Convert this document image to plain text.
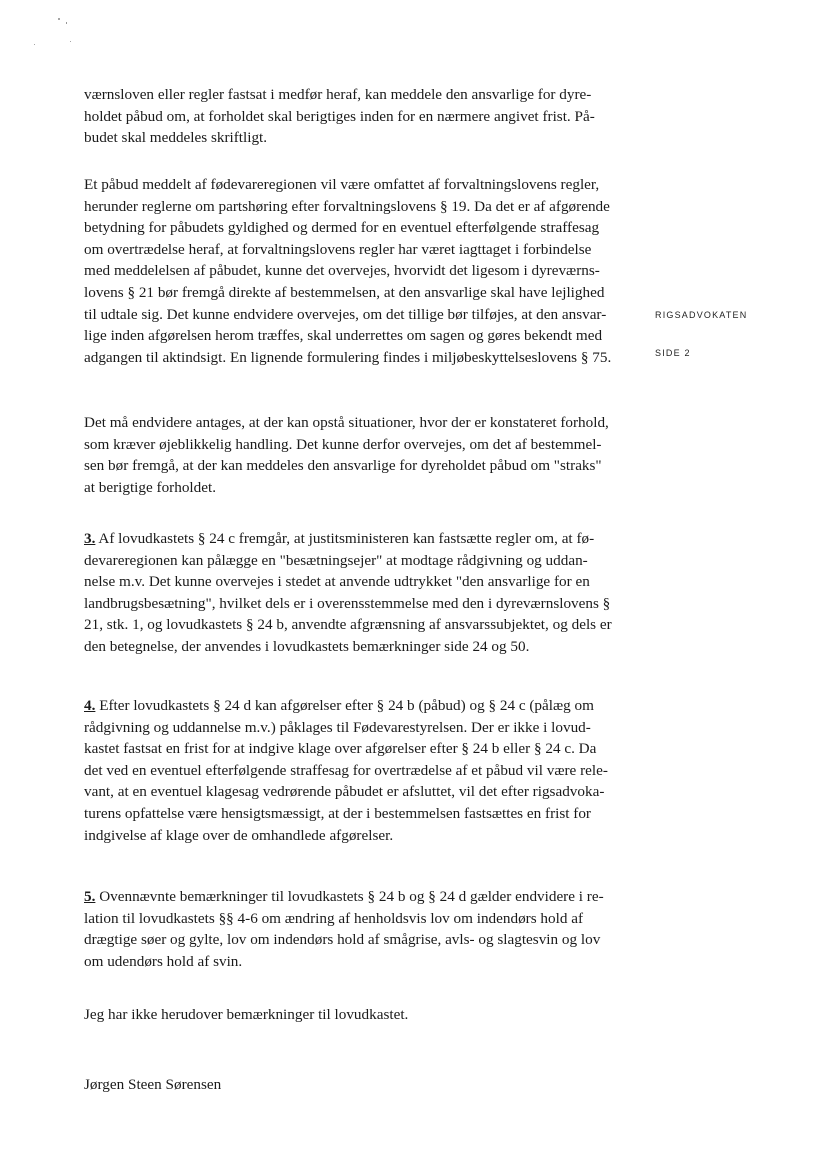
værnsloven eller regler fastsat i medfør heraf, kan meddele den ansvarlige for dyre-
holdet påbud om, at forholdet skal berigtiges inden for en nærmere angivet frist. På-
budet skal meddeles skriftligt.

Et påbud meddelt af fødevareregionen vil være omfattet af forvaltningslovens regler,
herunder reglerne om partshøring efter forvaltningslovens § 19. Da det er af afgørende
betydning for påbudets gyldighed og dermed for en eventuel efterfølgende straffesag
om overtrædelse heraf, at forvaltningslovens regler har været iagttaget i forbindelse
med meddelelsen af påbudet, kunne det overvejes, hvorvidt det ligesom i dyreværns-
lovens § 21 bør fremgå direkte af bestemmelsen, at den ansvarlige skal have lejlighed
til udtale sig. Det kunne endvidere overvejes, om det tillige bør tilføjes, at den ansvar-
lige inden afgørelsen herom træffes, skal underrettes om sagen og gøres bekendt med
adgangen til aktindsigt. En lignende formulering findes i miljøbeskyttelseslovens § 75.

RIGSADVOKATEN
SIDE 2

Det må endvidere antages, at der kan opstå situationer, hvor der er konstateret forhold,
som kræver øjeblikkelig handling. Det kunne derfor overvejes, om det af bestemmel-
sen bør fremgå, at der kan meddeles den ansvarlige for dyreholdet påbud om "straks"
at berigtige forholdet.

3. Af lovudkastets § 24 c fremgår, at justitsministeren kan fastsætte regler om, at fø-
devareregionen kan pålægge en "besætningsejer" at modtage rådgivning og uddan-
nelse m.v. Det kunne overvejes i stedet at anvende udtrykket "den ansvarlige for en
landbrugsbesætning", hvilket dels er i overensstemmelse med den i dyreværnslovens §
21, stk. 1, og lovudkastets § 24 b, anvendte afgrænsning af ansvarssubjektet, og dels er
den betegnelse, der anvendes i lovudkastets bemærkninger side 24 og 50.

4. Efter lovudkastets § 24 d kan afgørelser efter § 24 b (påbud) og § 24 c (pålæg om
rådgivning og uddannelse m.v.) påklages til Fødevarestyrelsen. Der er ikke i lovud-
kastet fastsat en frist for at indgive klage over afgørelser efter § 24 b eller § 24 c. Da
det ved en eventuel efterfølgende straffesag for overtrædelse af et påbud vil være rele-
vant, at en eventuel klagesag vedrørende påbudet er afsluttet, vil det efter rigsadvoka-
turens opfattelse være hensigtsmæssigt, at der i bestemmelsen fastsættes en frist for
indgivelse af klage over de omhandlede afgørelser.

5. Ovennævnte bemærkninger til lovudkastets § 24 b og § 24 d gælder endvidere i re-
lation til lovudkastets §§ 4-6 om ændring af henholdsvis lov om indendørs hold af
drægtige søer og gylte, lov om indendørs hold af smågrise, avls- og slagtesvin og lov
om udendørs hold af svin.

Jeg har ikke herudover bemærkninger til lovudkastet.

Jørgen Steen Sørensen
